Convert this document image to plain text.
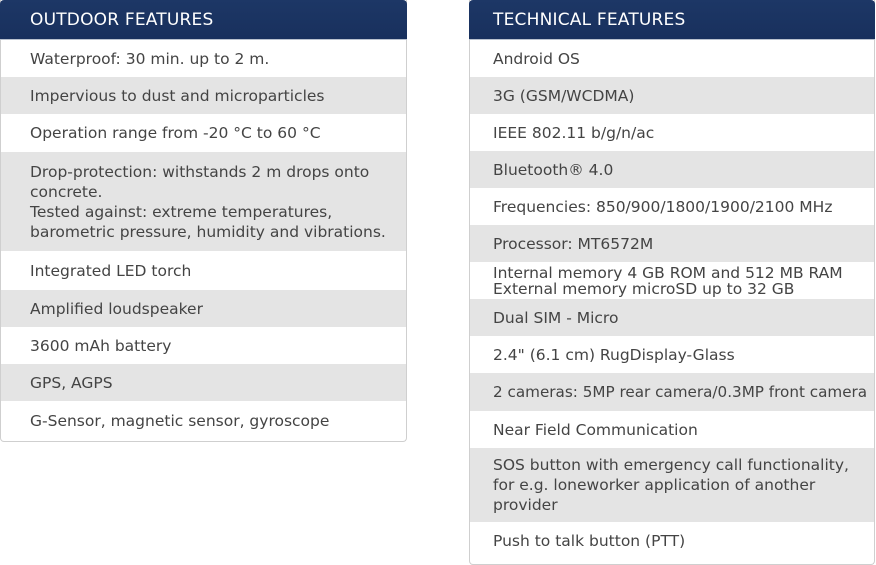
OUTDOOR FEATURES
Waterproof: 30 min. up to 2 m.
Impervious to dust and microparticles
Operation range from -20 °C to 60 °C
Drop-protection: withstands 2 m drops onto concrete.
Tested against: extreme temperatures, barometric pressure, humidity and vibrations.
Integrated LED torch
Amplified loudspeaker
3600 mAh battery
GPS, AGPS
G-Sensor, magnetic sensor, gyroscope
TECHNICAL FEATURES
Android OS
3G (GSM/WCDMA)
IEEE 802.11 b/g/n/ac
Bluetooth® 4.0
Frequencies: 850/900/1800/1900/2100 MHz
Processor: MT6572M
Internal memory 4 GB ROM and 512 MB RAM
External memory microSD up to 32 GB
Dual SIM - Micro
2.4" (6.1 cm) RugDisplay-Glass
2 cameras: 5MP rear camera/0.3MP front camera
Near Field Communication
SOS button with emergency call functionality, for e.g. loneworker application of another provider
Push to talk button (PTT)
